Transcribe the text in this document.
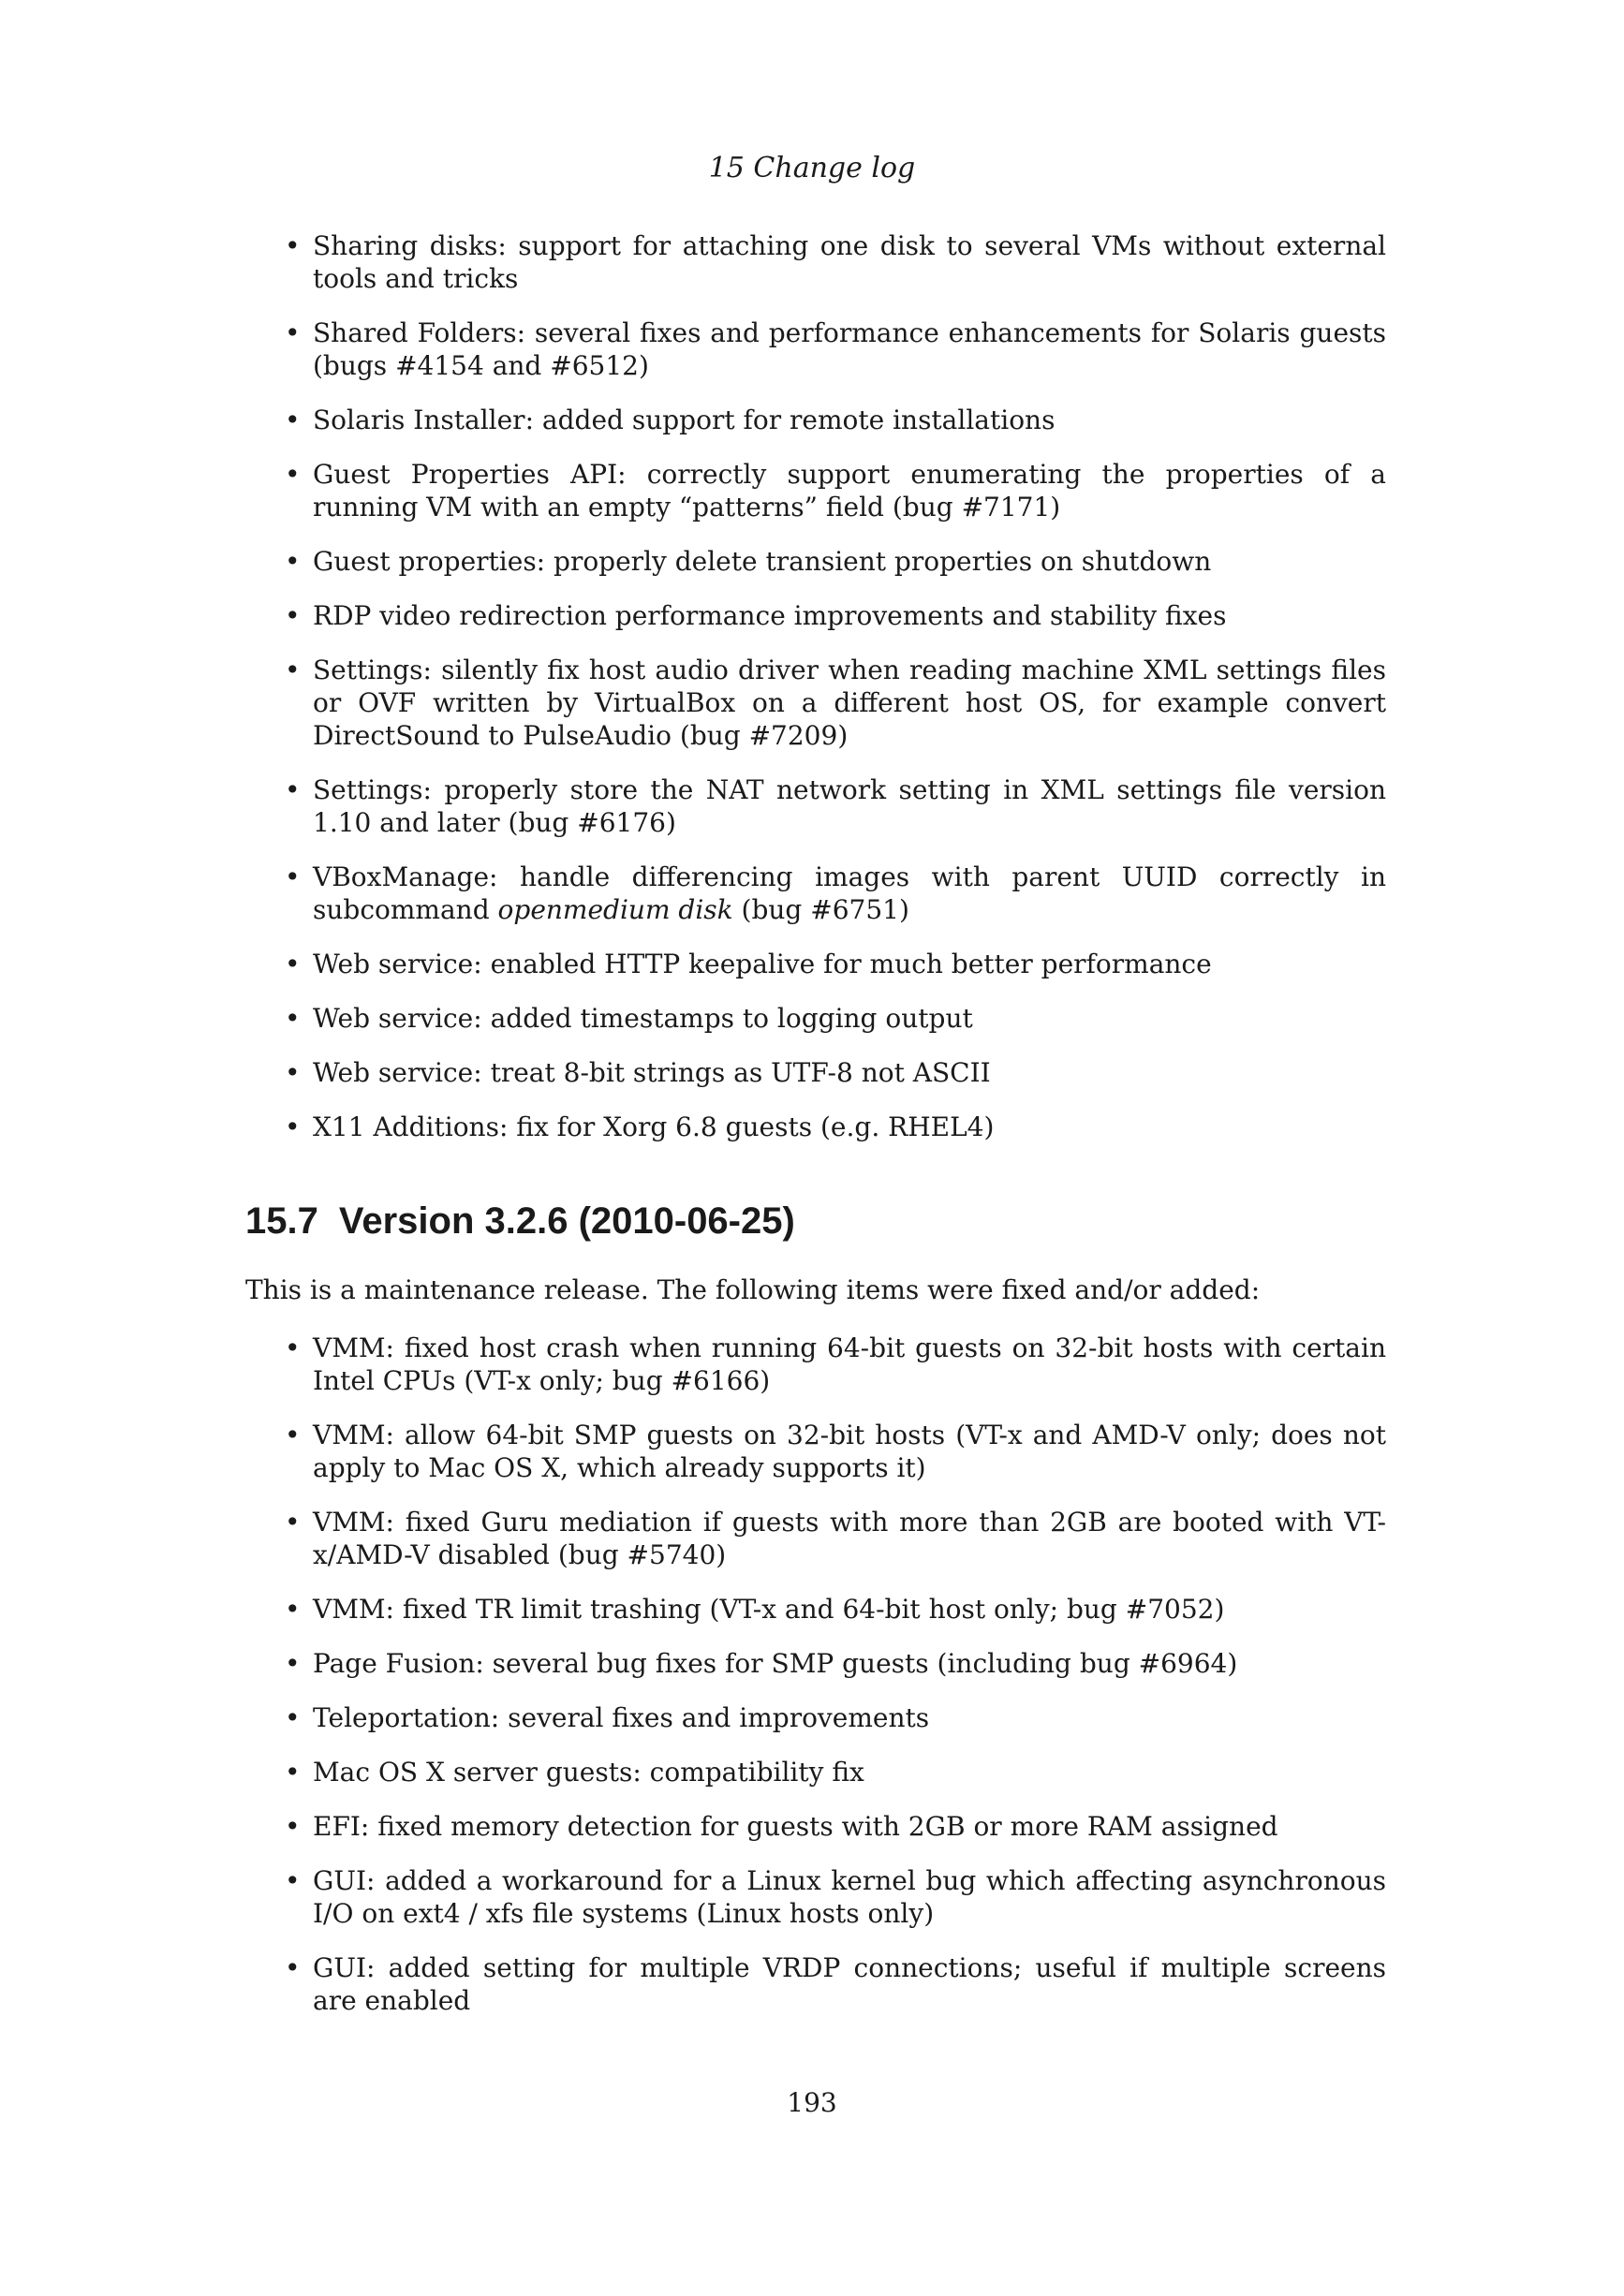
15 Change log
• Sharing disks: support for attaching one disk to several VMs without external tools and tricks
• Shared Folders: several fixes and performance enhancements for Solaris guests (bugs #4154 and #6512)
• Solaris Installer: added support for remote installations
• Guest Properties API: correctly support enumerating the properties of a running VM with an empty “patterns” field (bug #7171)
• Guest properties: properly delete transient properties on shutdown
• RDP video redirection performance improvements and stability fixes
• Settings: silently fix host audio driver when reading machine XML settings files or OVF written by VirtualBox on a different host OS, for example convert DirectSound to PulseAudio (bug #7209)
• Settings: properly store the NAT network setting in XML settings file version 1.10 and later (bug #6176)
• VBoxManage: handle differencing images with parent UUID correctly in subcommand openmedium disk (bug #6751)
• Web service: enabled HTTP keepalive for much better performance
• Web service: added timestamps to logging output
• Web service: treat 8-bit strings as UTF-8 not ASCII
• X11 Additions: fix for Xorg 6.8 guests (e.g. RHEL4)
15.7 Version 3.2.6 (2010-06-25)

This is a maintenance release. The following items were fixed and/or added:

• VMM: fixed host crash when running 64-bit guests on 32-bit hosts with certain Intel CPUs (VT-x only; bug #6166)
• VMM: allow 64-bit SMP guests on 32-bit hosts (VT-x and AMD-V only; does not apply to Mac OS X, which already supports it)
• VMM: fixed Guru mediation if guests with more than 2GB are booted with VT-x/AMD-V disabled (bug #5740)
• VMM: fixed TR limit trashing (VT-x and 64-bit host only; bug #7052)
• Page Fusion: several bug fixes for SMP guests (including bug #6964)
• Teleportation: several fixes and improvements
• Mac OS X server guests: compatibility fix
• EFI: fixed memory detection for guests with 2GB or more RAM assigned
• GUI: added a workaround for a Linux kernel bug which affecting asynchronous I/O on ext4 / xfs file systems (Linux hosts only)
• GUI: added setting for multiple VRDP connections; useful if multiple screens are enabled
193
